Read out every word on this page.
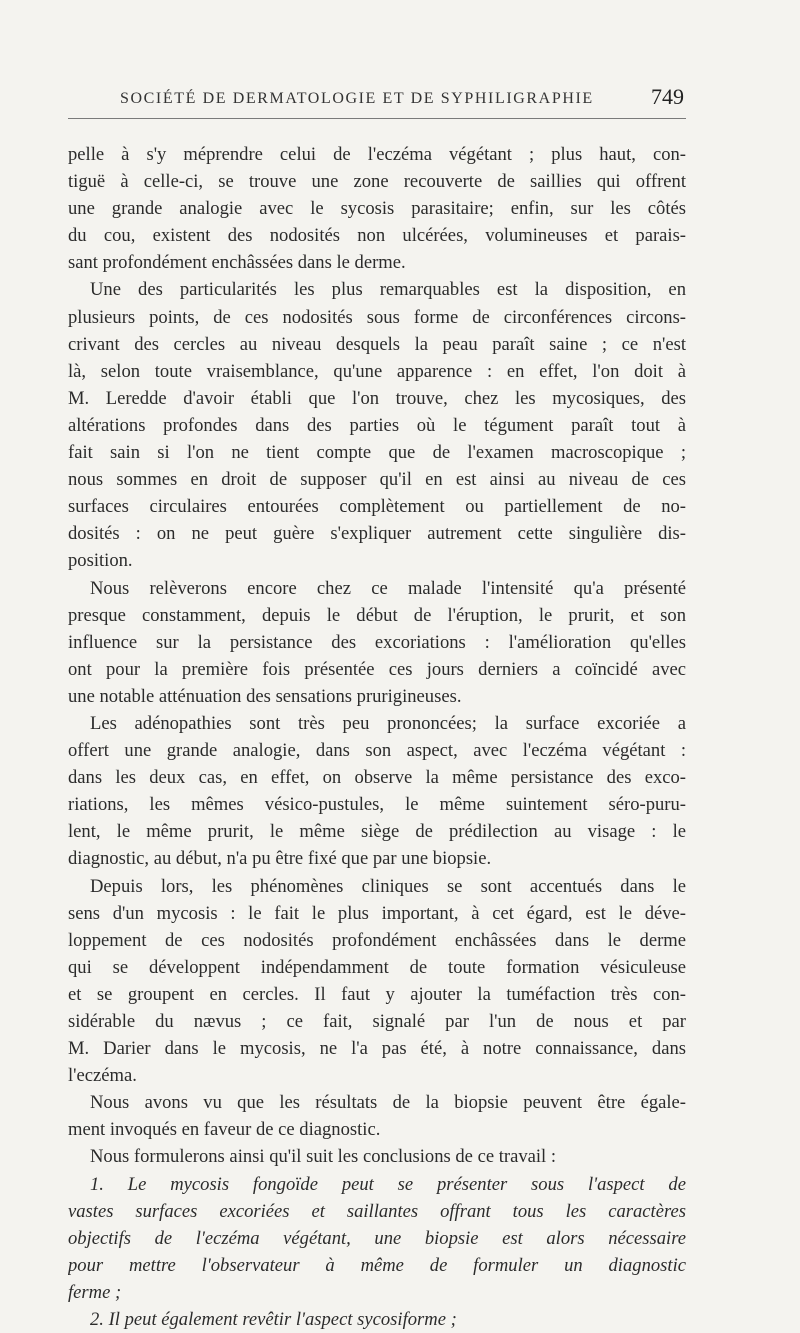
SOCIÉTÉ DE DERMATOLOGIE ET DE SYPHILIGRAPHIE	749
pelle à s'y méprendre celui de l'eczéma végétant ; plus haut, con-
tiguë à celle-ci, se trouve une zone recouverte de saillies qui offrent
une grande analogie avec le sycosis parasitaire; enfin, sur les côtés
du cou, existent des nodosités non ulcérées, volumineuses et parais-
sant profondément enchâssées dans le derme.
Une des particularités les plus remarquables est la disposition, en
plusieurs points, de ces nodosités sous forme de circonférences circons-
crivant des cercles au niveau desquels la peau paraît saine ; ce n'est
là, selon toute vraisemblance, qu'une apparence : en effet, l'on doit à
M. Leredde d'avoir établi que l'on trouve, chez les mycosiques, des
altérations profondes dans des parties où le tégument paraît tout à
fait sain si l'on ne tient compte que de l'examen macroscopique ;
nous sommes en droit de supposer qu'il en est ainsi au niveau de ces
surfaces circulaires entourées complètement ou partiellement de no-
dosités : on ne peut guère s'expliquer autrement cette singulière dis-
position.
Nous relèverons encore chez ce malade l'intensité qu'a présenté
presque constamment, depuis le début de l'éruption, le prurit, et son
influence sur la persistance des excoriations : l'amélioration qu'elles
ont pour la première fois présentée ces jours derniers a coïncidé avec
une notable atténuation des sensations prurigineuses.
Les adénopathies sont très peu prononcées; la surface excoriée a
offert une grande analogie, dans son aspect, avec l'eczéma végétant :
dans les deux cas, en effet, on observe la même persistance des exco-
riations, les mêmes vésico-pustules, le même suintement séro-puru-
lent, le même prurit, le même siège de prédilection au visage : le
diagnostic, au début, n'a pu être fixé que par une biopsie.
Depuis lors, les phénomènes cliniques se sont accentués dans le
sens d'un mycosis : le fait le plus important, à cet égard, est le déve-
loppement de ces nodosités profondément enchâssées dans le derme
qui se développent indépendamment de toute formation vésiculeuse
et se groupent en cercles. Il faut y ajouter la tuméfaction très con-
sidérable du nævus ; ce fait, signalé par l'un de nous et par
M. Darier dans le mycosis, ne l'a pas été, à notre connaissance, dans
l'eczéma.
Nous avons vu que les résultats de la biopsie peuvent être égale-
ment invoqués en faveur de ce diagnostic.
Nous formulerons ainsi qu'il suit les conclusions de ce travail :
1. Le mycosis fongoïde peut se présenter sous l'aspect de
vastes surfaces excoriées et saillantes offrant tous les caractères
objectifs de l'eczéma végétant, une biopsie est alors nécessaire
pour mettre l'observateur à même de formuler un diagnostic
ferme ;
2. Il peut également revêtir l'aspect sycosiforme ;
